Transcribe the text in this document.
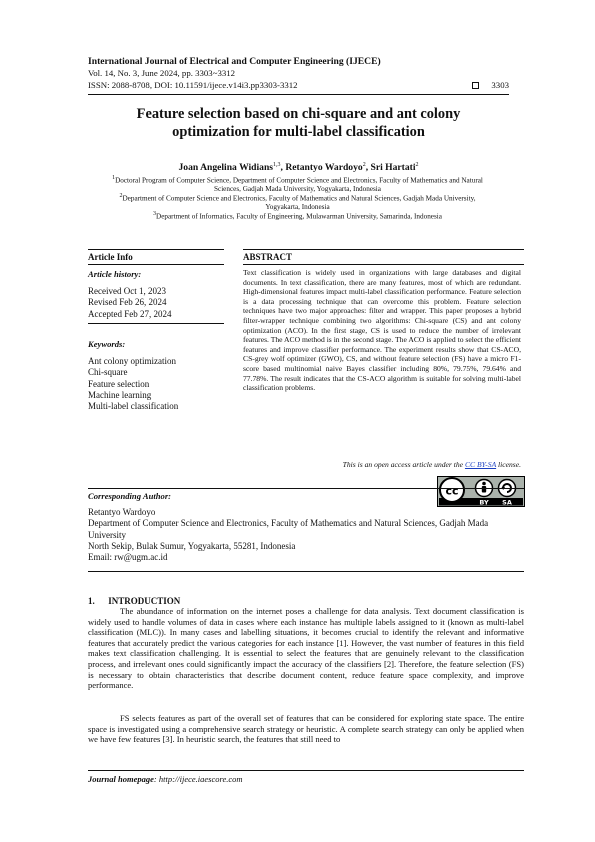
International Journal of Electrical and Computer Engineering (IJECE)
Vol. 14, No. 3, June 2024, pp. 3303~3312
ISSN: 2088-8708, DOI: 10.11591/ijece.v14i3.pp3303-3312	3303
Feature selection based on chi-square and ant colony
optimization for multi-label classification
Joan Angelina Widians$^{1,3}$, Retantyo Wardoyo$^2$, Sri Hartati$^2$
$^1$Doctoral Program of Computer Science, Department of Computer Science and Electronics, Faculty of Mathematics and Natural
Sciences, Gadjah Mada University, Yogyakarta, Indonesia
$^2$Department of Computer Science and Electronics, Faculty of Mathematics and Natural Sciences, Gadjah Mada University,
Yogyakarta, Indonesia
$^3$Department of Informatics, Faculty of Engineering, Mulawarman University, Samarinda, Indonesia
Article Info	ABSTRACT
Article history:
Received Oct 1, 2023
Revised Feb 26, 2024
Accepted Feb 27, 2024
Keywords:
Ant colony optimization
Chi-square
Feature selection
Machine learning
Multi-label classification
Text classification is widely used in organizations with large databases and digital documents. In text classification, there are many features, most of which are redundant. High-dimensional features impact multi-label classification performance. Feature selection is a data processing technique that can overcome this problem. Feature selection techniques have two major approaches: filter and wrapper. This paper proposes a hybrid filter-wrapper technique combining two algorithms: Chi-square (CS) and ant colony optimization (ACO). In the first stage, CS is used to reduce the number of irrelevant features. The ACO method is in the second stage. The ACO is applied to select the efficient features and improve classifier performance. The experiment results show that CS-ACO, CS-grey wolf optimizer (GWO), CS, and without feature selection (FS) have a micro F1-score based multinomial naive Bayes classifier including 80%, 79.75%, 79.64% and 77.78%. The result indicates that the CS-ACO algorithm is suitable for solving multi-label classification problems.
This is an open access article under the CC BY-SA license.
cc
BY SA
Corresponding Author:
Retantyo Wardoyo
Department of Computer Science and Electronics, Faculty of Mathematics and Natural Sciences, Gadjah Mada University
North Sekip, Bulak Sumur, Yogyakarta, 55281, Indonesia
Email: rw@ugm.ac.id
1.      INTRODUCTION
The abundance of information on the internet poses a challenge for data analysis. Text document classification is widely used to handle volumes of data in cases where each instance has multiple labels assigned to it (known as multi-label classification (MLC)). In many cases and labelling situations, it becomes crucial to identify the relevant and informative features that accurately predict the various categories for each instance [1]. However, the vast number of features in this field makes text classification challenging. It is essential to select the features that are genuinely relevant to the classification process, and irrelevant ones could significantly impact the accuracy of the classifiers [2]. Therefore, the feature selection (FS) is necessary to obtain characteristics that describe document content, reduce feature space complexity, and improve performance.
FS selects features as part of the overall set of features that can be considered for exploring state space. The entire space is investigated using a comprehensive search strategy or heuristic. A complete search strategy can only be applied when we have few features [3]. In heuristic search, the features that still need to
Journal homepage: http://ijece.iaescore.com
